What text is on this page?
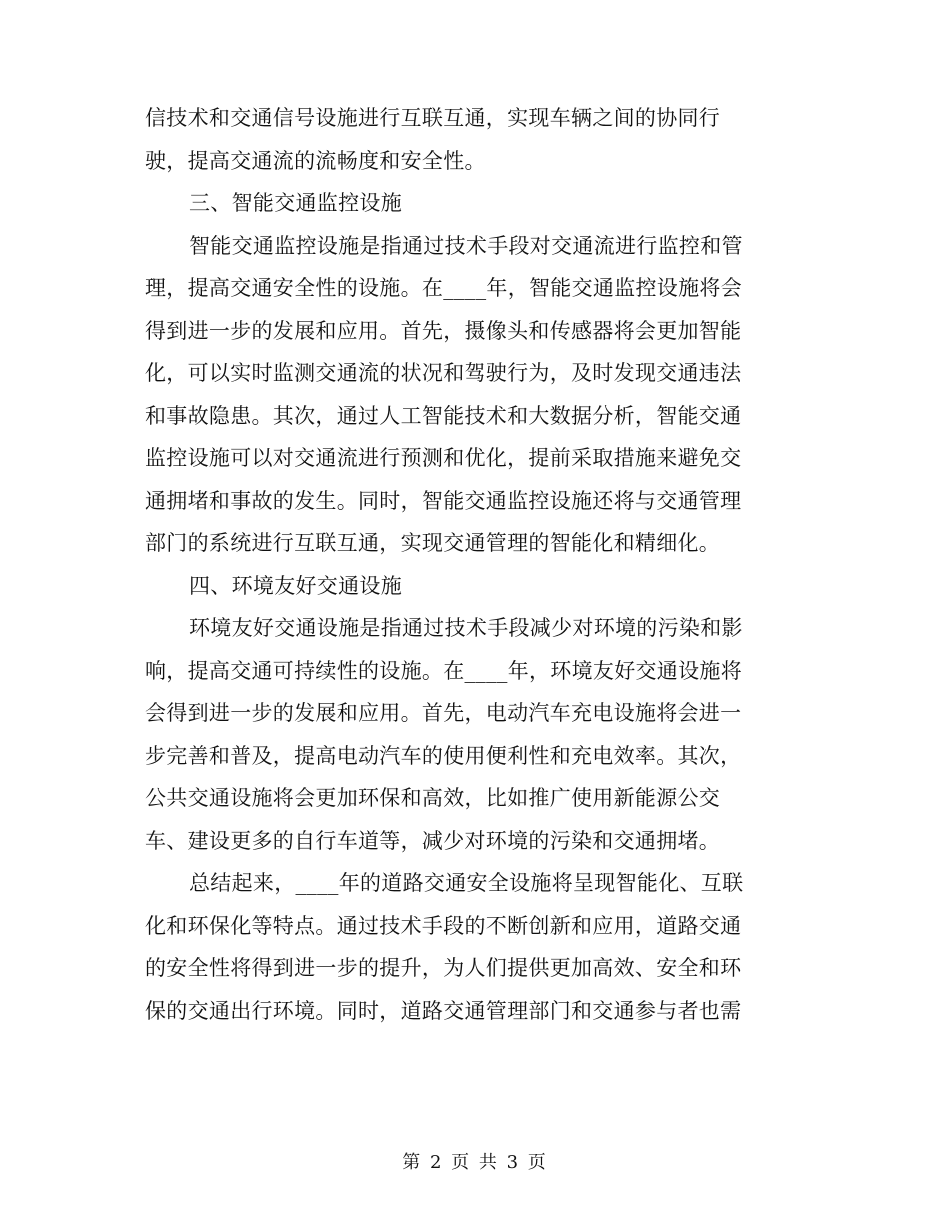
信技术和交通信号设施进行互联互通，实现车辆之间的协同行
驶，提高交通流的流畅度和安全性。
三、智能交通监控设施
智能交通监控设施是指通过技术手段对交通流进行监控和管
理，提高交通安全性的设施。在____年，智能交通监控设施将会
得到进一步的发展和应用。首先，摄像头和传感器将会更加智能
化，可以实时监测交通流的状况和驾驶行为，及时发现交通违法
和事故隐患。其次，通过人工智能技术和大数据分析，智能交通
监控设施可以对交通流进行预测和优化，提前采取措施来避免交
通拥堵和事故的发生。同时，智能交通监控设施还将与交通管理
部门的系统进行互联互通，实现交通管理的智能化和精细化。
四、环境友好交通设施
环境友好交通设施是指通过技术手段减少对环境的污染和影
响，提高交通可持续性的设施。在____年，环境友好交通设施将
会得到进一步的发展和应用。首先，电动汽车充电设施将会进一
步完善和普及，提高电动汽车的使用便利性和充电效率。其次，
公共交通设施将会更加环保和高效，比如推广使用新能源公交
车、建设更多的自行车道等，减少对环境的污染和交通拥堵。
总结起来，____年的道路交通安全设施将呈现智能化、互联
化和环保化等特点。通过技术手段的不断创新和应用，道路交通
的安全性将得到进一步的提升，为人们提供更加高效、安全和环
保的交通出行环境。同时，道路交通管理部门和交通参与者也需
第 2 页 共 3 页
